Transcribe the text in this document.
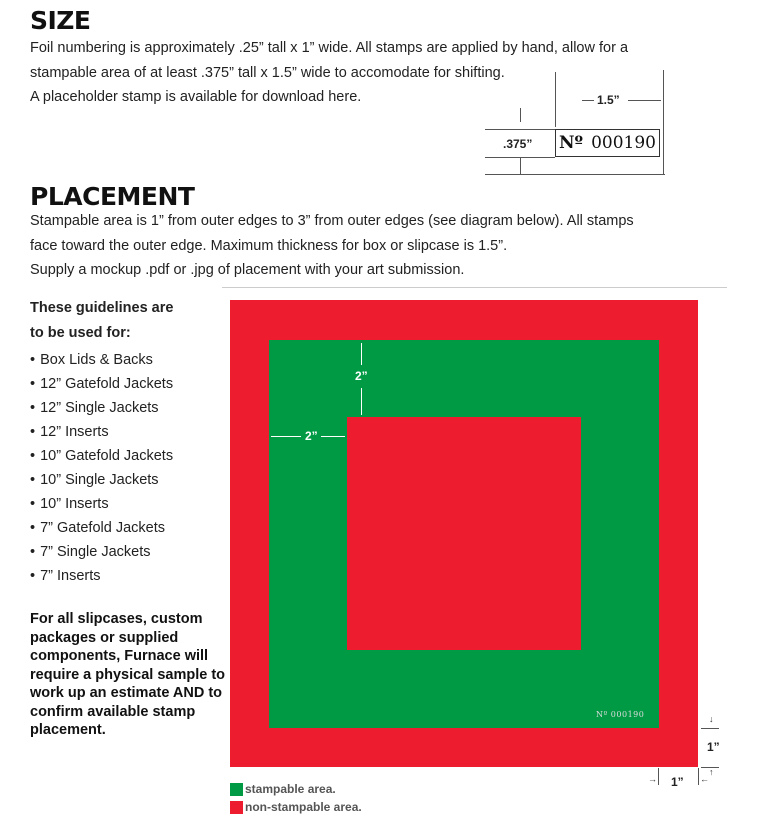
SIZE
Foil numbering is approximately .25” tall x 1” wide. All stamps are applied by hand, allow for a
stampable area of at least .375” tall x 1.5” wide to accomodate for shifting.
A placeholder stamp is available for download here.	1.5”
.375” Nº 000190
PLACEMENT
Stampable area is 1” from outer edges to 3” from outer edges (see diagram below). All stamps
face toward the outer edge. Maximum thickness for box or slipcase is 1.5”.
Supply a mockup .pdf or .jpg of placement with your art submission.
These guidelines are
to be used for:
• Box Lids & Backs
• 12” Gatefold Jackets
• 12” Single Jackets
• 12” Inserts
• 10” Gatefold Jackets
• 10” Single Jackets
• 10” Inserts
• 7” Gatefold Jackets
• 7” Single Jackets
• 7” Inserts
For all slipcases, custom packages or supplied components, Furnace will require a physical sample to work up an estimate AND to confirm available stamp placement.
2”
2”
Nº 000190	↓
↑
1”
→	←
1”
stampable area.
non-stampable area.
